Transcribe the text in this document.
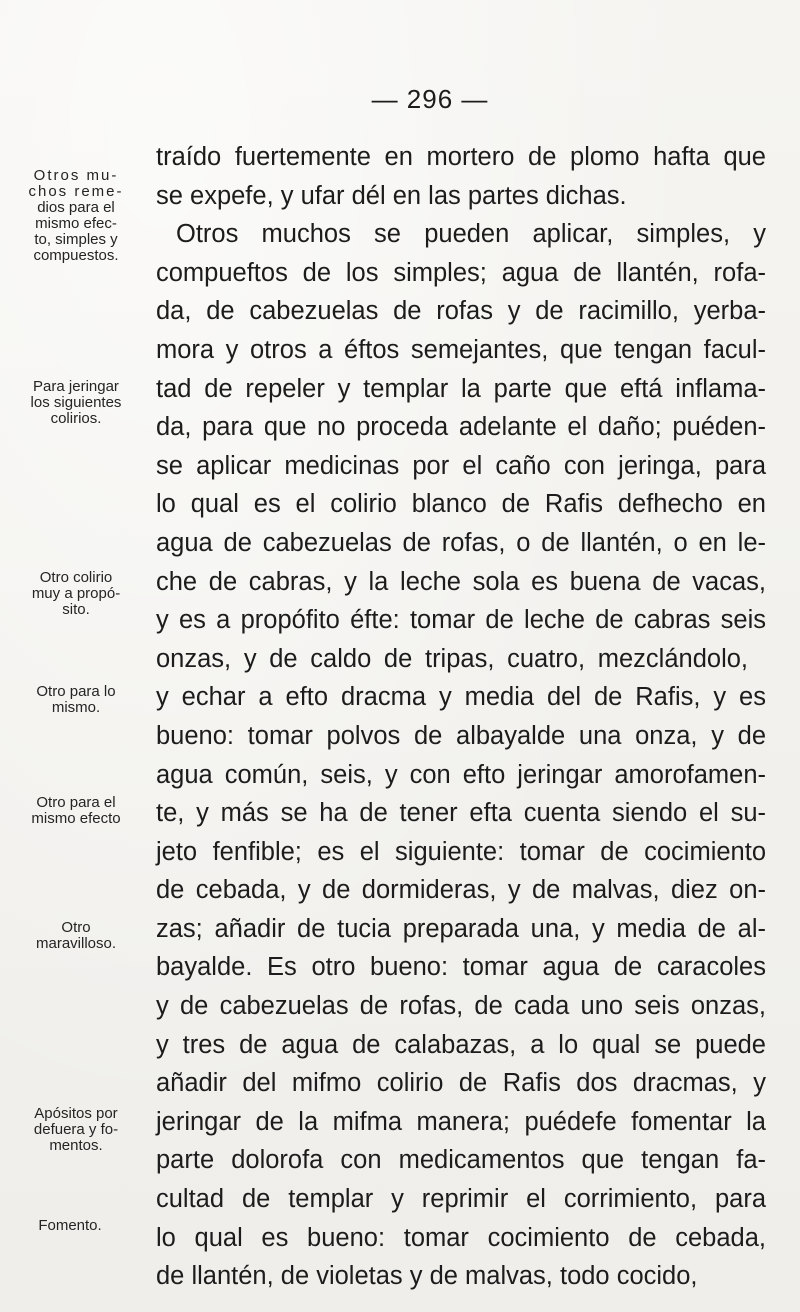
— 296 —
traído fuertemente en mortero de plomo hafta que
se expefe, y ufar dél en las partes dichas.
Otros muchos se pueden aplicar, simples, y
compueftos de los simples; agua de llantén, rofa-
da, de cabezuelas de rofas y de racimillo, yerba-
mora y otros a éftos semejantes, que tengan facul-
tad de repeler y templar la parte que eftá inflama-
da, para que no proceda adelante el daño; puéden-
se aplicar medicinas por el caño con jeringa, para
lo qual es el colirio blanco de Rafis defhecho en
agua de cabezuelas de rofas, o de llantén, o en le-
che de cabras, y la leche sola es buena de vacas,
y es a propófito éfte: tomar de leche de cabras seis
onzas, y de caldo de tripas, cuatro, mezclándolo,
y echar a efto dracma y media del de Rafis, y es
bueno: tomar polvos de albayalde una onza, y de
agua común, seis, y con efto jeringar amorofamen-
te, y más se ha de tener efta cuenta siendo el su-
jeto fenfible; es el siguiente: tomar de cocimiento
de cebada, y de dormideras, y de malvas, diez on-
zas; añadir de tucia preparada una, y media de al-
bayalde. Es otro bueno: tomar agua de caracoles
y de cabezuelas de rofas, de cada uno seis onzas,
y tres de agua de calabazas, a lo qual se puede
añadir del mifmo colirio de Rafis dos dracmas, y
jeringar de la mifma manera; puédefe fomentar la
parte dolorofa con medicamentos que tengan fa-
cultad de templar y reprimir el corrimiento, para
lo qual es bueno: tomar cocimiento de cebada,
de llantén, de violetas y de malvas, todo cocido,
Otros mu-
chos reme-
dios para el
mismo efec-
to, simples y
compuestos.
Para jeringar
los siguientes
colirios.
Otro colirio
muy a propó-
sito.
Otro para lo
mismo.
Otro para el
mismo efecto
Otro
maravilloso.
Apósitos por
defuera y fo-
mentos.
Fomento.
